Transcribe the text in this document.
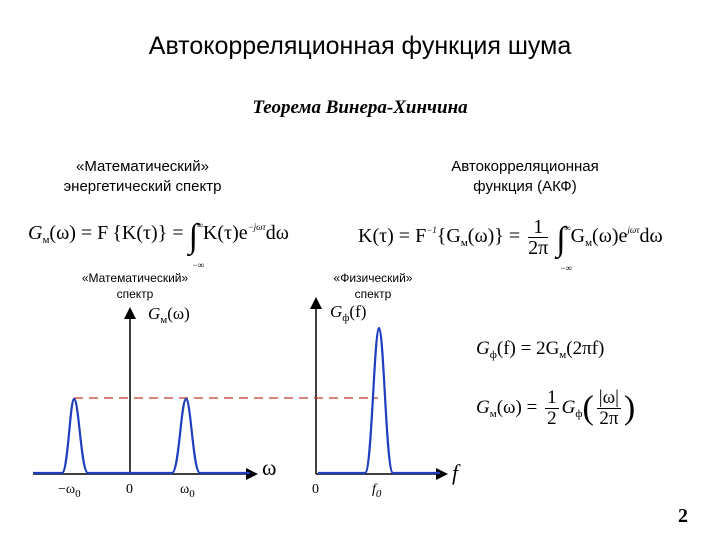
Автокорреляционная функция шума
Теорема Винера-Хинчина
«Математический»
энергетический спектр
Автокорреляционная
функция (АКФ)
$G_м(\omega) = F$ {K(τ)} = ∫
∞
−∞
$K(\tau)e^{-j\omega\tau}d\omega$	$K(\tau) = F^{-1}\{G_м(\omega)\} = \frac{1}{2\pi}$ ∫
∞
−∞
$G_м(\omega)e^{j\omega\tau}d\omega$
«Математический»
спектр
«Физический»
спектр
$G_м(\omega)$	$G_ф(f)$
ω	f
$-\omega_0$	0	$\omega_0$	0	$f_0$
$G_ф(f) = 2G_м(2\pi f)$
$G_м(\omega) = \frac{1}{2} G_ф( \frac{|\omega|}{2\pi}$ )
2
